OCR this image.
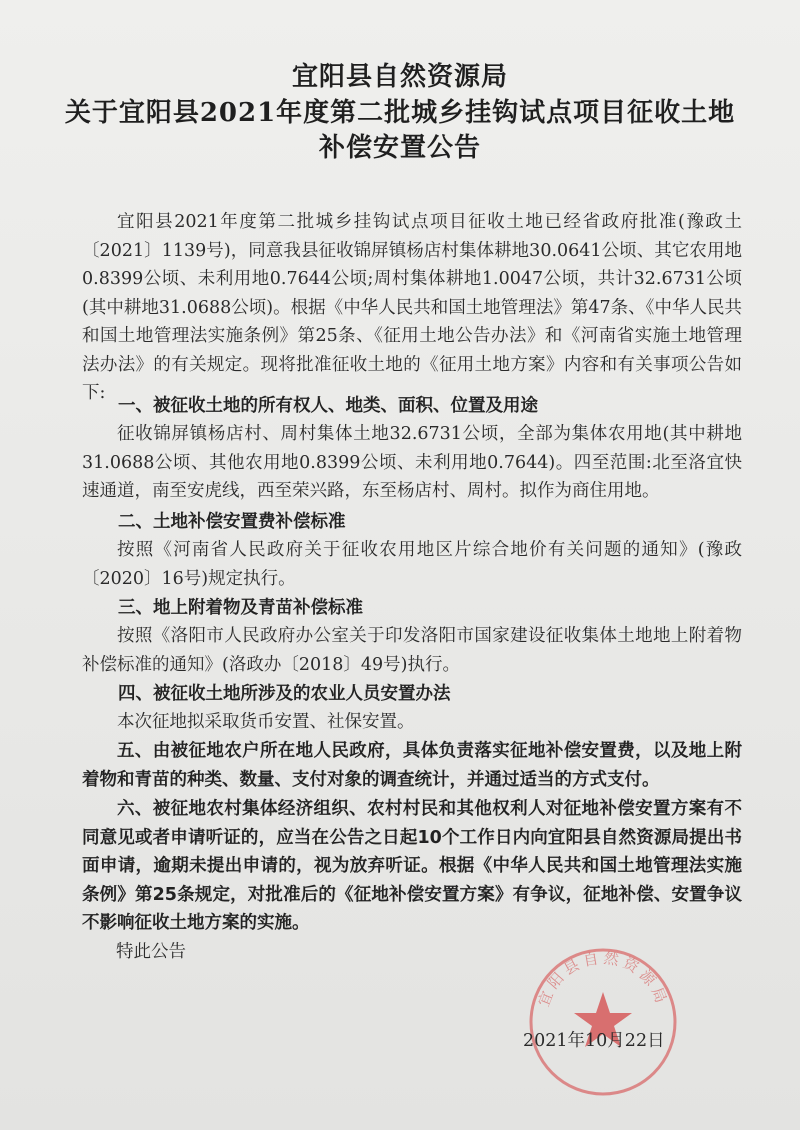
宜阳县自然资源局
关于宜阳县2021年度第二批城乡挂钩试点项目征收土地
补偿安置公告

宜阳县2021年度第二批城乡挂钩试点项目征收土地已经省政府批准(豫政土〔2021〕1139号)，同意我县征收锦屏镇杨店村集体耕地30.0641公顷、其它农用地0.8399公顷、未利用地0.7644公顷;周村集体耕地1.0047公顷，共计32.6731公顷(其中耕地31.0688公顷)。根据《中华人民共和国土地管理法》第47条、《中华人民共和国土地管理法实施条例》第25条、《征用土地公告办法》和《河南省实施土地管理法办法》的有关规定。现将批准征收土地的《征用土地方案》内容和有关事项公告如下:

一、被征收土地的所有权人、地类、面积、位置及用途

征收锦屏镇杨店村、周村集体土地32.6731公顷，全部为集体农用地(其中耕地31.0688公顷、其他农用地0.8399公顷、未利用地0.7644)。四至范围:北至洛宜快速通道，南至安虎线，西至荣兴路，东至杨店村、周村。拟作为商住用地。

二、土地补偿安置费补偿标准

按照《河南省人民政府关于征收农用地区片综合地价有关问题的通知》(豫政〔2020〕16号)规定执行。

三、地上附着物及青苗补偿标准

按照《洛阳市人民政府办公室关于印发洛阳市国家建设征收集体土地地上附着物补偿标准的通知》(洛政办〔2018〕49号)执行。

四、被征收土地所涉及的农业人员安置办法

本次征地拟采取货币安置、社保安置。

五、由被征地农户所在地人民政府，具体负责落实征地补偿安置费，以及地上附着物和青苗的种类、数量、支付对象的调查统计，并通过适当的方式支付。

六、被征地农村集体经济组织、农村村民和其他权利人对征地补偿安置方案有不同意见或者申请听证的，应当在公告之日起10个工作日内向宜阳县自然资源局提出书面申请，逾期未提出申请的，视为放弃听证。根据《中华人民共和国土地管理法实施条例》第25条规定，对批准后的《征地补偿安置方案》有争议，征地补偿、安置争议不影响征收土地方案的实施。

特此公告
宜阳县自然资源局
2021年10月22日
